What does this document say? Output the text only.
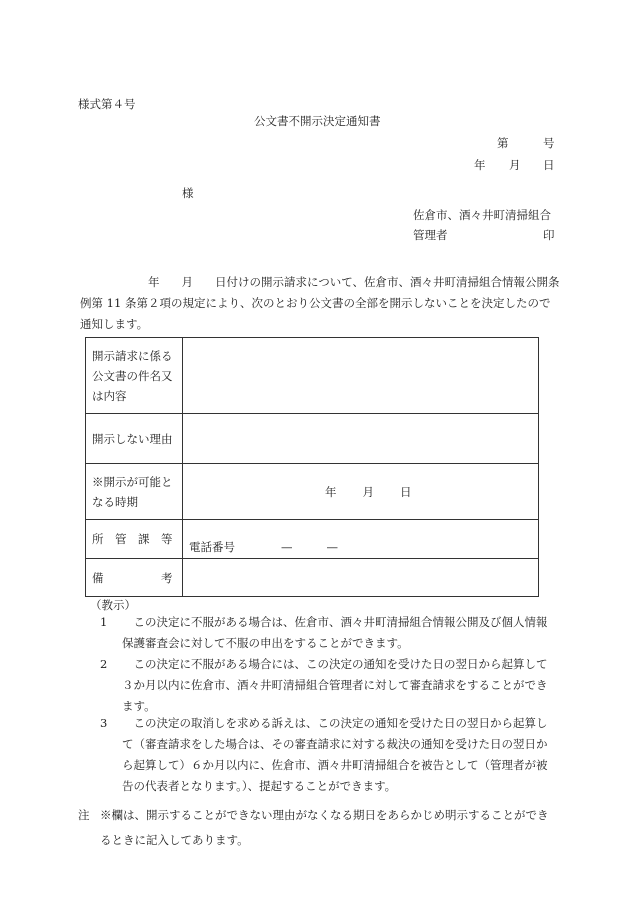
様式第４号
公文書不開示決定通知書
第	号
年 月 日
様
佐倉市、酒々井町清掃組合
管理者	印
年 月 日付けの開示請求について、佐倉市、酒々井町清掃組合情報公開条例第 11 条第２項の規定により、次のとおり公文書の全部を開示しないことを決定したので通知します。
開示請求に係る公文書の件名又は内容	
開示しない理由	
※開示が可能となる時期	年 月 日
所　管　課　等	電話番号 — —
備　　　　　考	
（教示）
1	この決定に不服がある場合は、佐倉市、酒々井町清掃組合情報公開及び個人情報保護審査会に対して不服の申出をすることができます。
2	この決定に不服がある場合には、この決定の通知を受けた日の翌日から起算して３か月以内に佐倉市、酒々井町清掃組合管理者に対して審査請求をすることができます。
3	この決定の取消しを求める訴えは、この決定の通知を受けた日の翌日から起算して（審査請求をした場合は、その審査請求に対する裁決の通知を受けた日の翌日から起算して）６か月以内に、佐倉市、酒々井町清掃組合を被告として（管理者が被告の代表者となります。）、提起することができます。
注 ※欄は、開示することができない理由がなくなる期日をあらかじめ明示することができるときに記入してあります。
